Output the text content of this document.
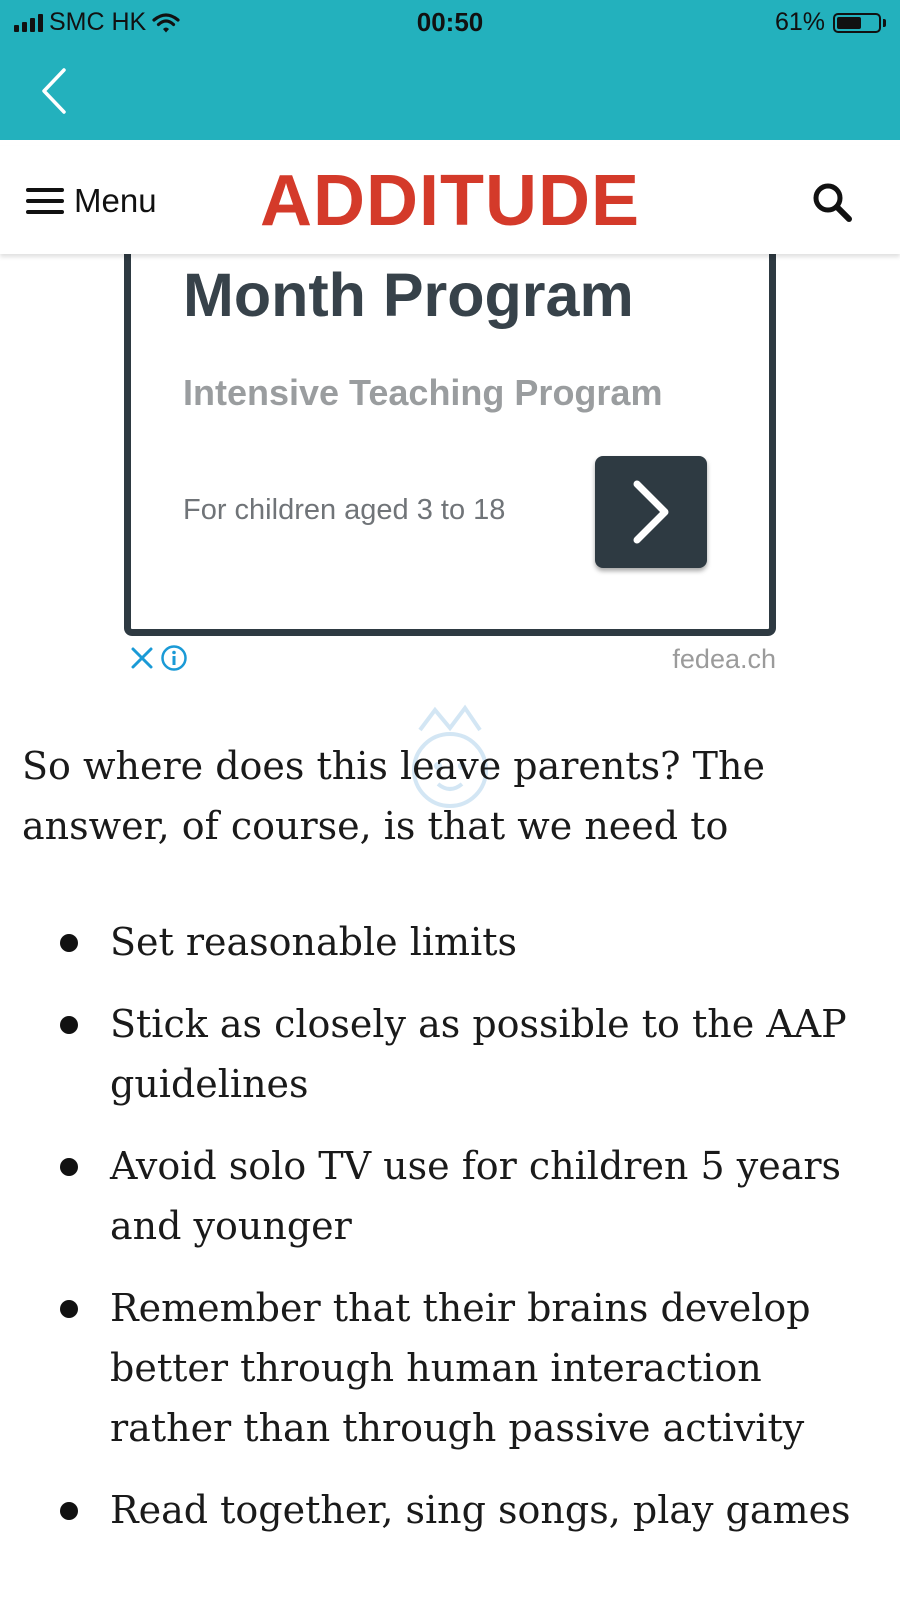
SMC HK	00:50	61%
Menu	ADDITUDE
Month Program
Intensive Teaching Program
For children aged 3 to 18
fedea.ch

So where does this leave parents? The answer, of course, is that we need to

Set reasonable limits
Stick as closely as possible to the AAP guidelines
Avoid solo TV use for children 5 years and younger
Remember that their brains develop better through human interaction rather than through passive activity
Read together, sing songs, play games
